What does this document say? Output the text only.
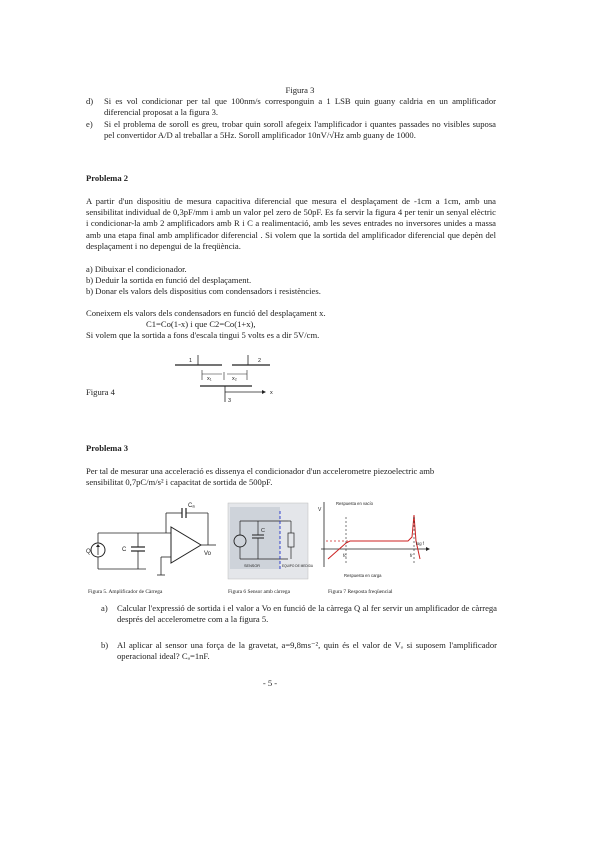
Figura 3
d)	Si es vol condicionar per tal que 100nm/s corresponguin a 1 LSB quin guany caldria en un amplificador diferencial proposat a la figura 3.
e)	Si el problema de soroll es greu, trobar quin soroll afegeix l'amplificador i quantes passades no visibles suposa pel convertidor A/D al treballar a 5Hz. Soroll amplificador 10nV/√Hz amb guany de 1000.
Problema 2
A partir d'un dispositiu de mesura capacitiva diferencial que mesura el desplaçament de -1cm a 1cm, amb una sensibilitat individual de 0,3pF/mm i amb un valor pel zero de 50pF. Es fa servir la figura 4 per tenir un senyal elèctric i condicionar-la amb 2 amplificadors amb R i C a realimentació, amb les seves entrades no inversores unides a massa amb una etapa final amb amplificador diferencial . Si volem que la sortida del amplificador diferencial que depèn del desplaçament i no depengui de la freqüència.
a) Dibuixar el condicionador.
b) Deduir la sortida en funció del desplaçament.
b) Donar els valors dels dispositius com condensadors i resistències.
Coneixem els valors dels condensadors en funció del desplaçament x.
C1=Co(1-x) i que C2=Co(1+x),
Si volem que la sortida a fons d'escala tingui 5 volts es a dir 5V/cm.
Figura 4
1	2
3
x₁	x₂
x
Problema 3
Per tal de mesurar una acceleració es dissenya el condicionador d'un accelerometre piezoelectric amb
sensibilitat 0,7pC/m/s² i capacitat de sortida de 500pF.
Q	C
Cₐ
Vo
Figura 5. Amplificador de Càrrega
C
SENSOR	EQUIPO DE MEDIDA
Figura 6 Sensor amb càrrega
V
Respuesta en vacío
Respuesta en carga
fc	fr
log f
Figura 7 Resposta freqüencial
a)	Calcular l'expressió de sortida i el valor a Vo en funció de la càrrega Q al fer servir un amplificador de càrrega després del accelerometre com a la figura 5.
b)	Al aplicar al sensor una força de la gravetat, a=9,8ms⁻², quin és el valor de Vₒ si suposem l'amplificador operacional ideal? Cₐ=1nF.
- 5 -
